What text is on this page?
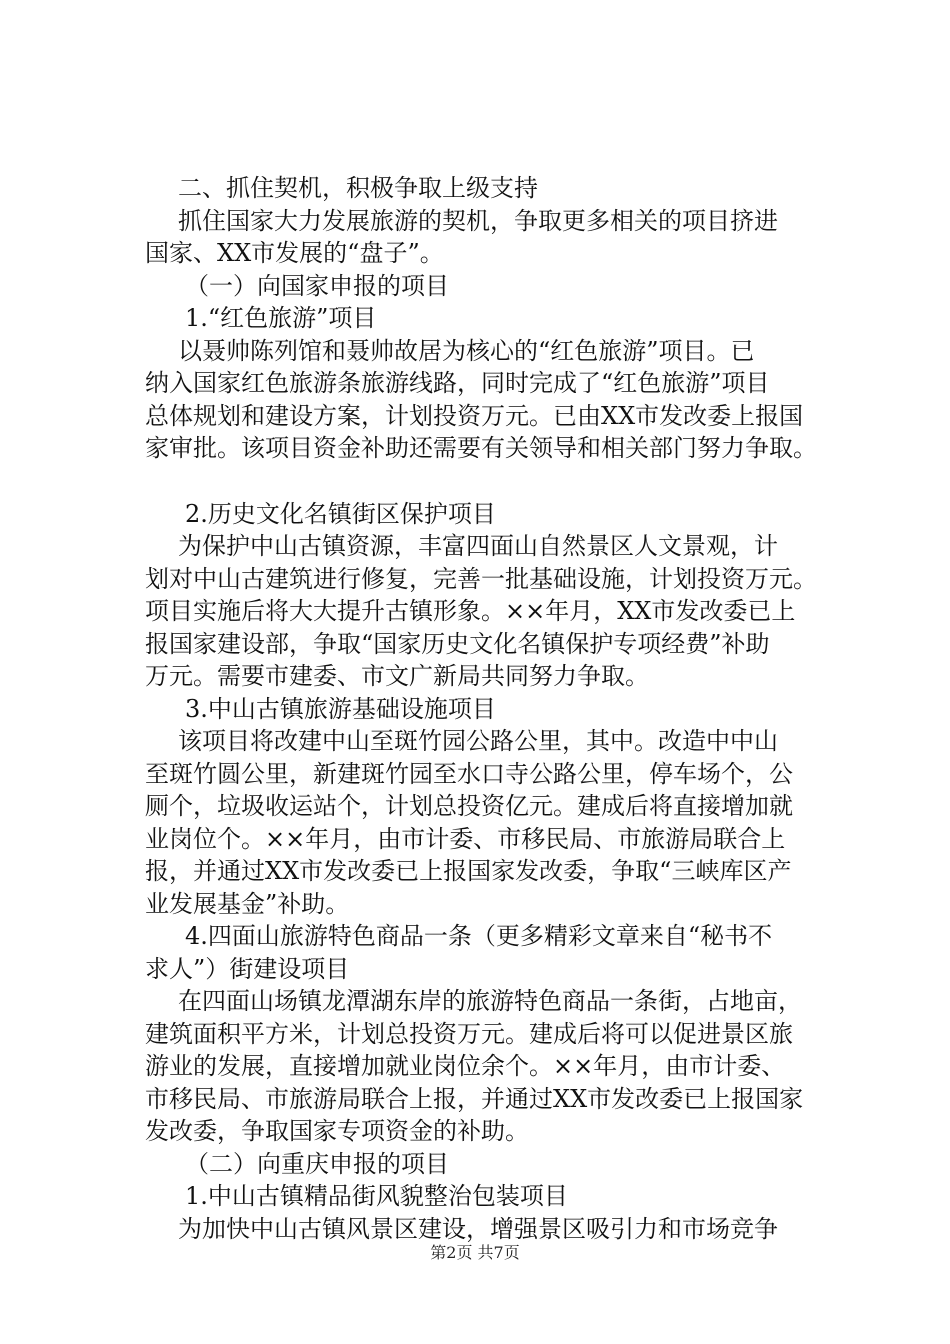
二、抓住契机，积极争取上级支持
抓住国家大力发展旅游的契机，争取更多相关的项目挤进
国家、XX市发展的“盘子”。
（一）向国家申报的项目
1.“红色旅游”项目
以聂帅陈列馆和聂帅故居为核心的“红色旅游”项目。已
纳入国家红色旅游条旅游线路，同时完成了“红色旅游”项目
总体规划和建设方案，计划投资万元。已由XX市发改委上报国
家审批。该项目资金补助还需要有关领导和相关部门努力争取。
2.历史文化名镇街区保护项目
为保护中山古镇资源，丰富四面山自然景区人文景观，计
划对中山古建筑进行修复，完善一批基础设施，计划投资万元。
项目实施后将大大提升古镇形象。××年月，XX市发改委已上
报国家建设部，争取“国家历史文化名镇保护专项经费”补助
万元。需要市建委、市文广新局共同努力争取。
3.中山古镇旅游基础设施项目
该项目将改建中山至斑竹园公路公里，其中。改造中中山
至斑竹圆公里，新建斑竹园至水口寺公路公里，停车场个，公
厕个，垃圾收运站个，计划总投资亿元。建成后将直接增加就
业岗位个。××年月，由市计委、市移民局、市旅游局联合上
报，并通过XX市发改委已上报国家发改委，争取“三峡库区产
业发展基金”补助。
4.四面山旅游特色商品一条（更多精彩文章来自“秘书不
求人”）街建设项目
在四面山场镇龙潭湖东岸的旅游特色商品一条街，占地亩，
建筑面积平方米，计划总投资万元。建成后将可以促进景区旅
游业的发展，直接增加就业岗位余个。××年月，由市计委、
市移民局、市旅游局联合上报，并通过XX市发改委已上报国家
发改委，争取国家专项资金的补助。
（二）向重庆申报的项目
1.中山古镇精品街风貌整治包装项目
为加快中山古镇风景区建设，增强景区吸引力和市场竞争
第2页 共7页
